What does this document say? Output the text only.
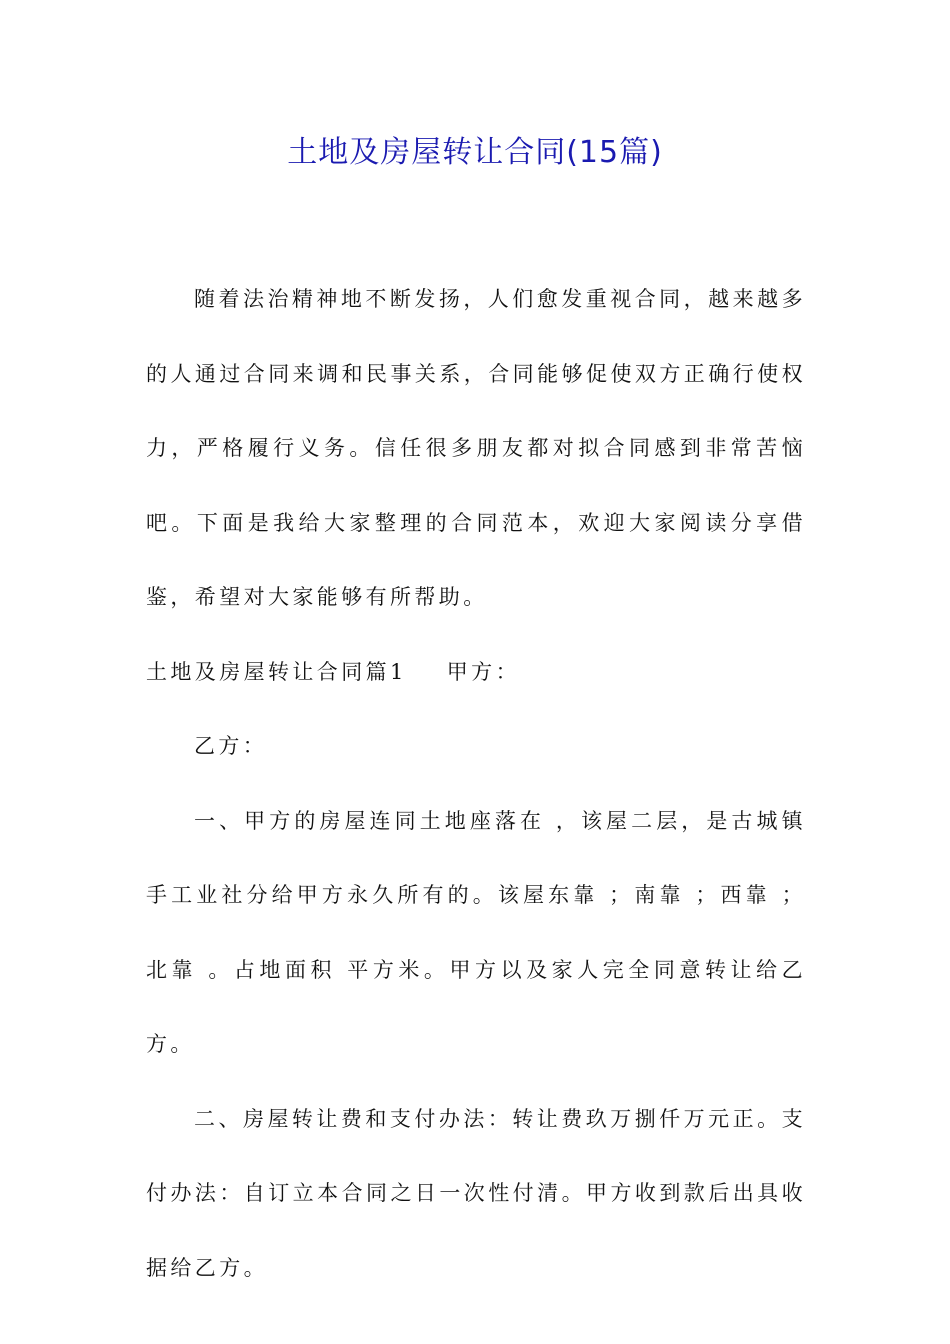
土地及房屋转让合同(15篇)

随着法治精神地不断发扬，人们愈发重视合同，越来越多的人通过合同来调和民事关系，合同能够促使双方正确行使权力，严格履行义务。信任很多朋友都对拟合同感到非常苦恼吧。下面是我给大家整理的合同范本，欢迎大家阅读分享借鉴，希望对大家能够有所帮助。

土地及房屋转让合同篇1 甲方：

乙方：

一、甲方的房屋连同土地座落在 ，该屋二层，是古城镇手工业社分给甲方永久所有的。该屋东靠 ；南靠 ；西靠 ；北靠 。占地面积 平方米。甲方以及家人完全同意转让给乙方。

二、房屋转让费和支付办法：转让费玖万捌仟万元正。支付办法：自订立本合同之日一次性付清。甲方收到款后出具收据给乙方。
